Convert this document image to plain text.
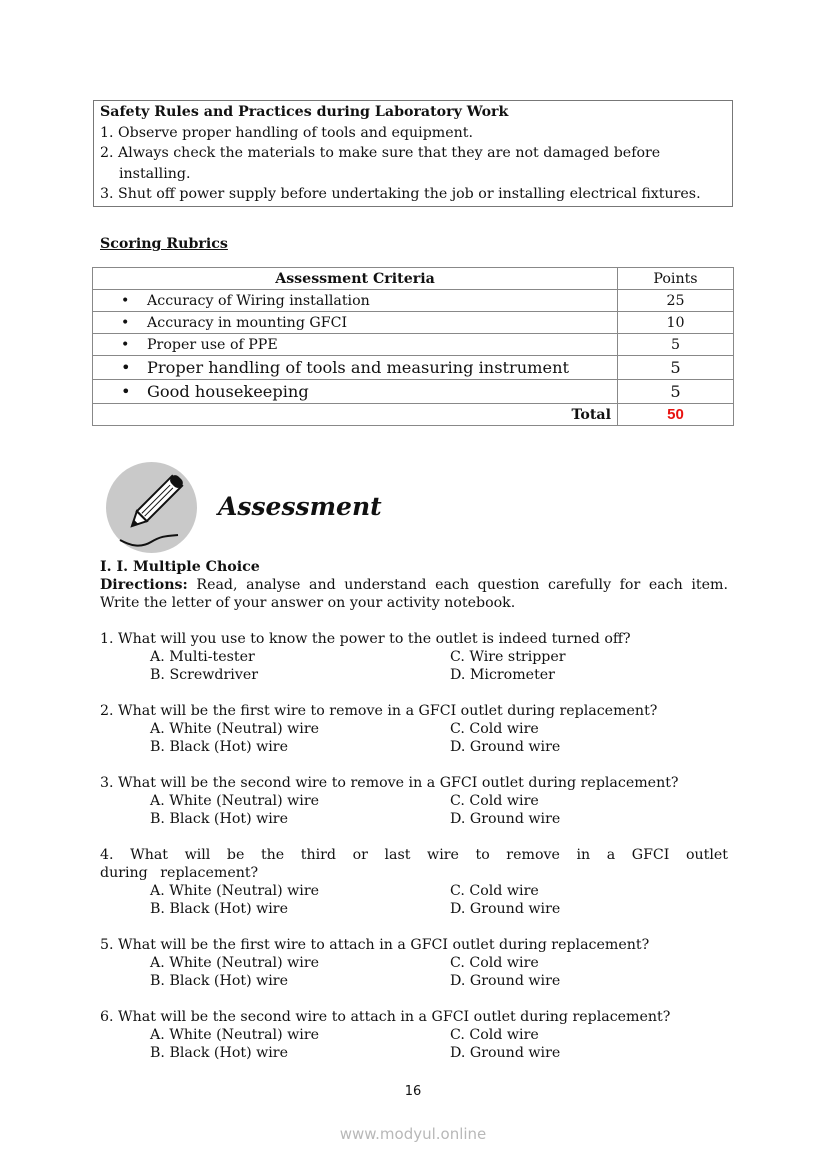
Safety Rules and Practices during Laboratory Work
1. Observe proper handling of tools and equipment.
2. Always check the materials to make sure that they are not damaged before installing.
3. Shut off power supply before undertaking the job or installing electrical fixtures.
Scoring Rubrics
Assessment Criteria	Points
• Accuracy of Wiring installation	25
• Accuracy in mounting GFCI	10
• Proper use of PPE	5
• Proper handling of tools and measuring instrument	5
• Good housekeeping	5
Total	50
Assessment
I. I. Multiple Choice
Directions: Read, analyse and understand each question carefully for each item. Write the letter of your answer on your activity notebook.
1. What will you use to know the power to the outlet is indeed turned off?
A. Multi-tester	C. Wire stripper
B. Screwdriver	D. Micrometer
2. What will be the first wire to remove in a GFCI outlet during replacement?
A. White (Neutral) wire	C. Cold wire
B. Black (Hot) wire	D. Ground wire
3. What will be the second wire to remove in a GFCI outlet during replacement?
A. White (Neutral) wire	C. Cold wire
B. Black (Hot) wire	D. Ground wire
4. What will be the third or last wire to remove in a GFCI outlet during replacement?
A. White (Neutral) wire	C. Cold wire
B. Black (Hot) wire	D. Ground wire
5. What will be the first wire to attach in a GFCI outlet during replacement?
A. White (Neutral) wire	C. Cold wire
B. Black (Hot) wire	D. Ground wire
6. What will be the second wire to attach in a GFCI outlet during replacement?
A. White (Neutral) wire	C. Cold wire
B. Black (Hot) wire	D. Ground wire
16
www.modyul.online
